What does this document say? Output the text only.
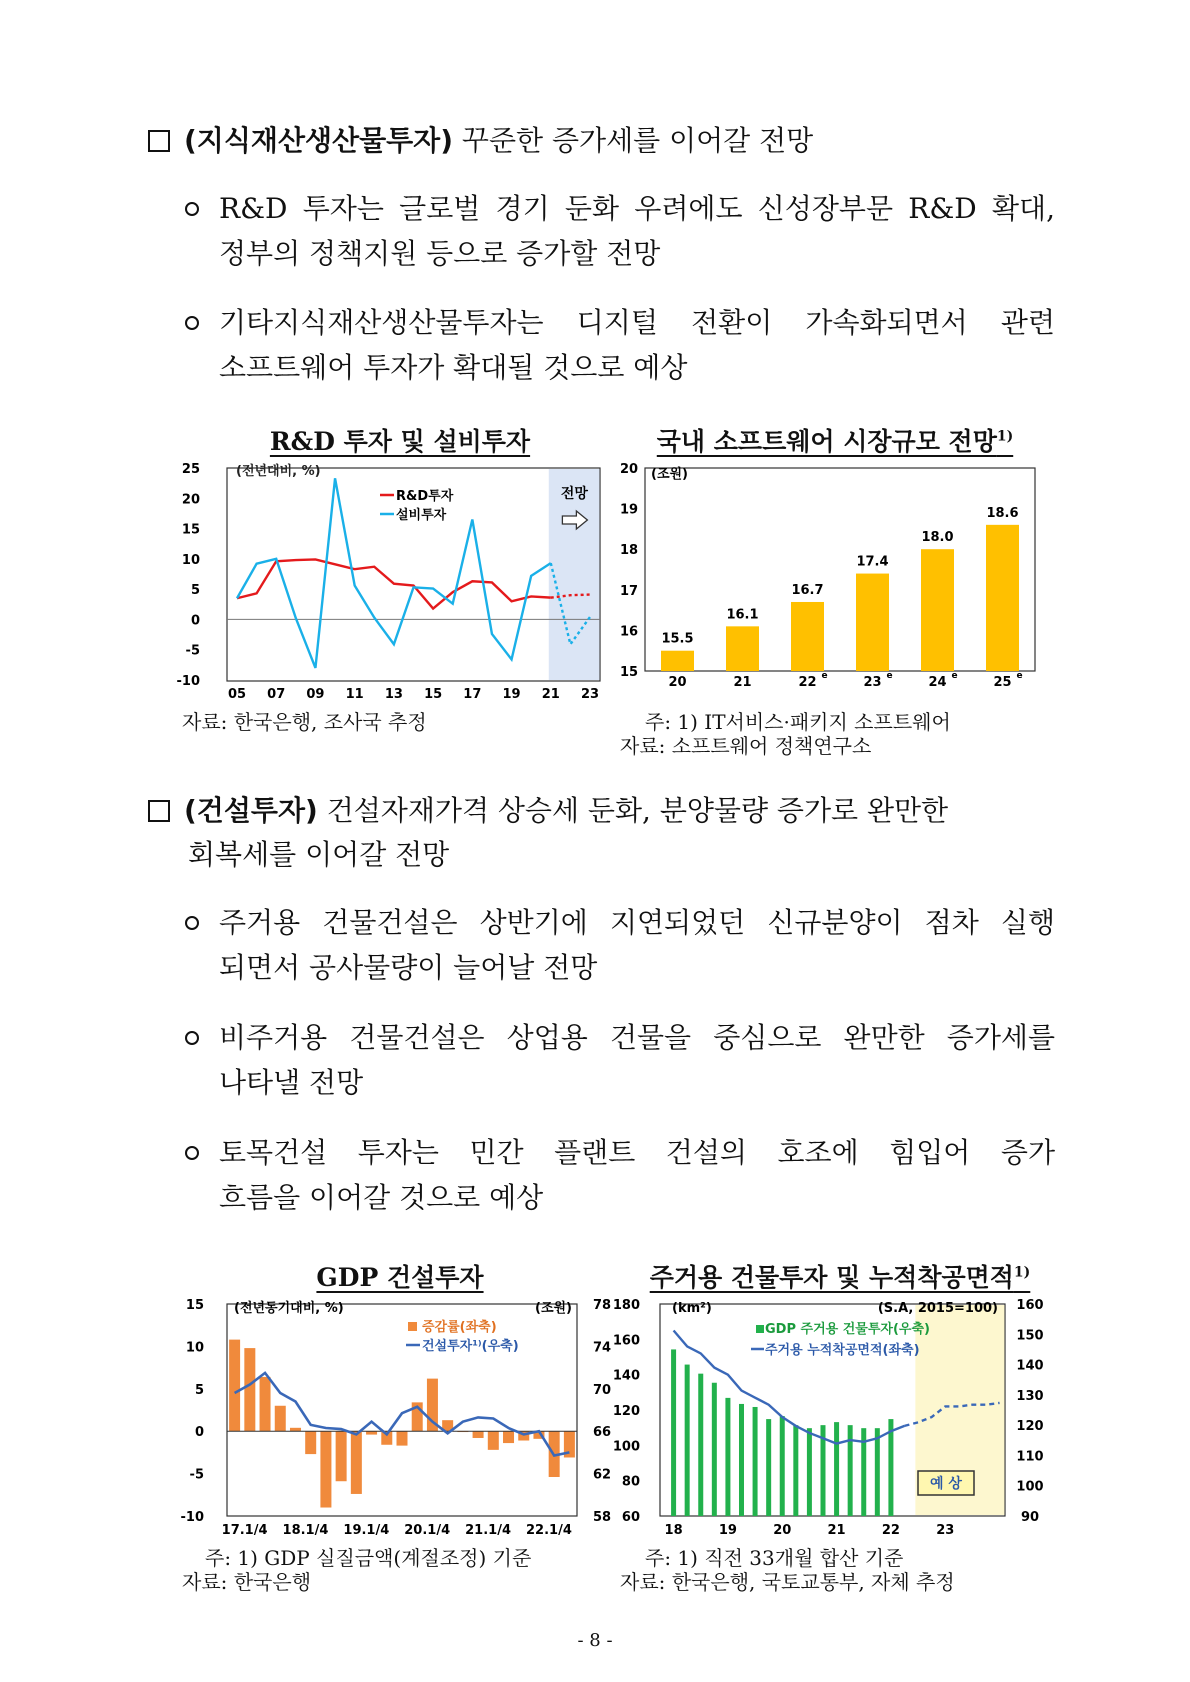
(지식재산생산물투자) 꾸준한 증가세를 이어갈 전망
R&D 투자는 글로벌 경기 둔화 우려에도 신성장부문 R&D 확대,
정부의 정책지원 등으로 증가할 전망
기타지식재산생산물투자는 디지털 전환이 가속화되면서 관련
소프트웨어 투자가 확대될 것으로 예상
R&D 투자 및 설비투자	국내 소프트웨어 시장규모 전망$^{1)}$
25
20
15
10
5
0
-5
-10
05 07 09 11 13 15 17 19 21 23
(전년대비, %)
R&D투자
설비투자
전망
(조원)
20
19
18
17
16
15
15.5
20
16.1
21
16.7
22 e
17.4
23 e
18.0
24 e
18.6
25 e
자료: 한국은행, 조사국 추정	주: 1) IT서비스·패키지 소프트웨어
자료: 소프트웨어 정책연구소
(건설투자) 건설자재가격 상승세 둔화, 분양물량 증가로 완만한
회복세를 이어갈 전망
주거용 건물건설은 상반기에 지연되었던 신규분양이 점차 실행
되면서 공사물량이 늘어날 전망
비주거용 건물건설은 상업용 건물을 중심으로 완만한 증가세를
나타낼 전망
토목건설 투자는 민간 플랜트 건설의 호조에 힘입어 증가
흐름을 이어갈 것으로 예상
GDP 건설투자	주거용 건물투자 및 누적착공면적$^{1)}$
(전년동기대비, %)	(조원)
15
10
5
0
-5
-10
78
74
70
66
62
58
17.1/4 18.1/4 19.1/4 20.1/4 21.1/4 22.1/4
증감률(좌축)
건설투자¹⁾(우축)
(km²)	(S.A, 2015=100)
180
160
140
120
100
80
60
160
150
140
130
120
110
100
90
18	19	20	21	22	23
GDP 주거용 건물투자(우축)
주거용 누적착공면적(좌축)
예 상
주: 1) GDP 실질금액(계절조정) 기준
자료: 한국은행
주: 1) 직전 33개월 합산 기준
자료: 한국은행, 국토교통부, 자체 추정
- 8 -
